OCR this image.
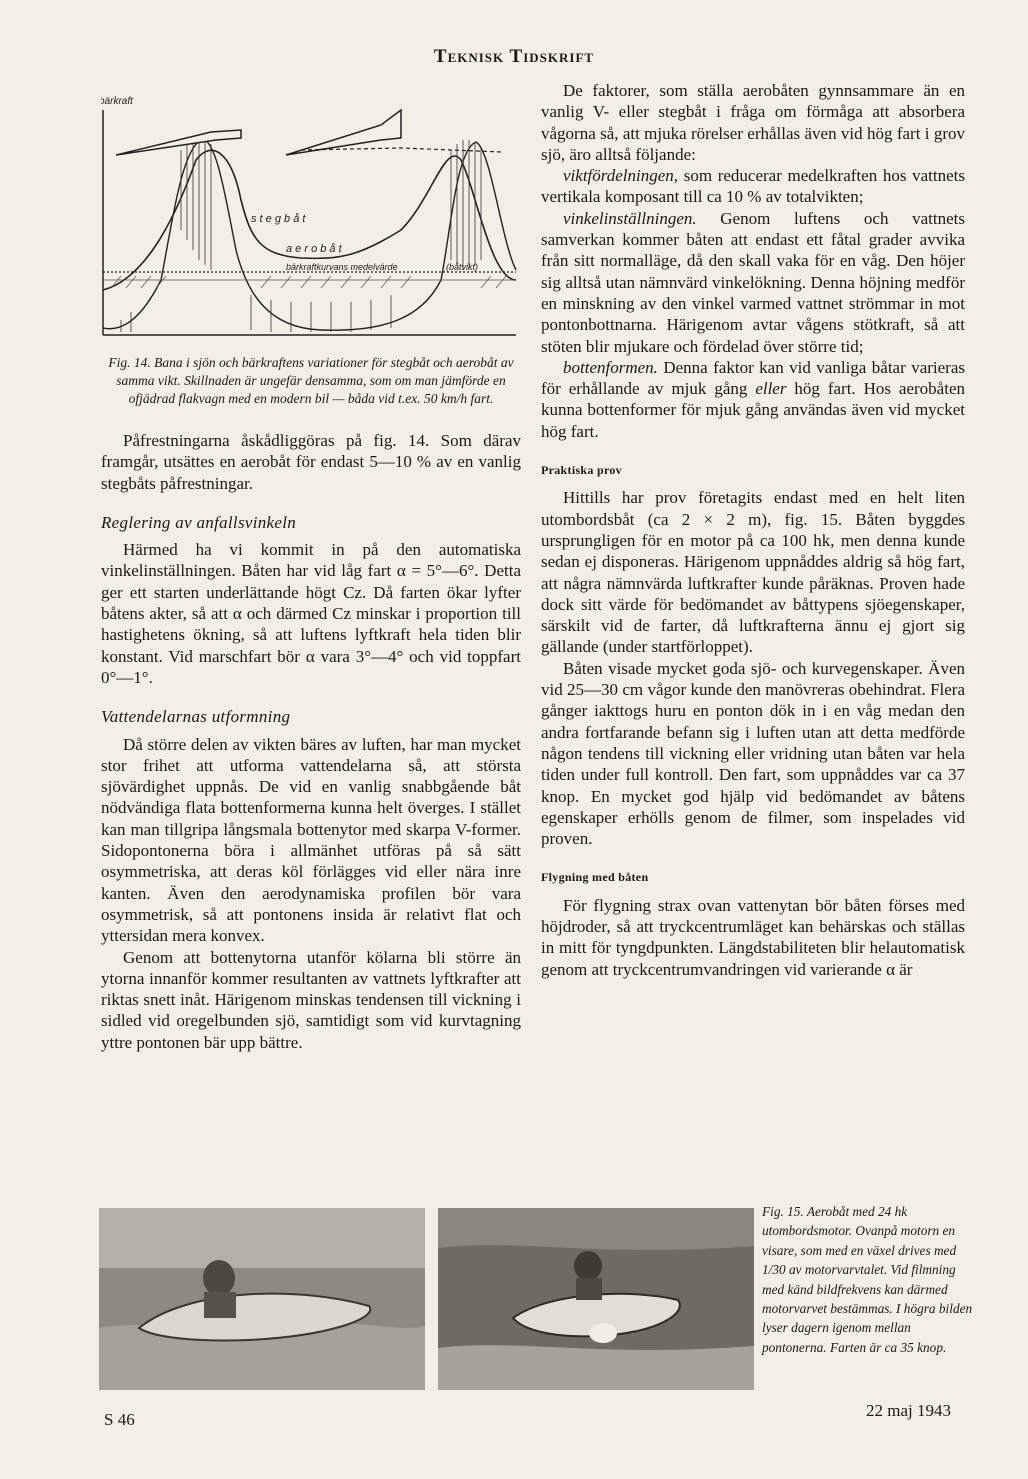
Teknisk Tidskrift
bärkraft
s t e g b å t
a e r o b å t
bärkraftkurvans medelvärde	(båtvikt)
Fig. 14. Bana i sjön och bärkraftens variationer för stegbåt och aerobåt av samma vikt. Skillnaden är ungefär densamma, som om man jämförde en ofjädrad flakvagn med en modern bil — båda vid t.ex. 50 km/h fart.

Påfrestningarna åskådliggöras på fig. 14. Som därav framgår, utsättes en aerobåt för endast 5—10 % av en vanlig stegbåts påfrestningar.

Reglering av anfallsvinkeln

Härmed ha vi kommit in på den automatiska vinkelinställningen. Båten har vid låg fart α = 5°—6°. Detta ger ett starten underlättande högt Cz. Då farten ökar lyfter båtens akter, så att α och därmed Cz minskar i proportion till hastighetens ökning, så att luftens lyftkraft hela tiden blir konstant. Vid marschfart bör α vara 3°—4° och vid toppfart 0°—1°.

Vattendelarnas utformning

Då större delen av vikten bäres av luften, har man mycket stor frihet att utforma vattendelarna så, att största sjövärdighet uppnås. De vid en vanlig snabbgående båt nödvändiga flata bottenformerna kunna helt överges. I stället kan man tillgripa långsmala bottenytor med skarpa V-former. Sidopontonerna böra i allmänhet utföras på så sätt osymmetriska, att deras köl förlägges vid eller nära inre kanten. Även den aerodynamiska profilen bör vara osymmetrisk, så att pontonens insida är relativt flat och yttersidan mera konvex.

Genom att bottenytorna utanför kölarna bli större än ytorna innanför kommer resultanten av vattnets lyftkrafter att riktas snett inåt. Härigenom minskas tendensen till vickning i sidled vid oregelbunden sjö, samtidigt som vid kurvtagning yttre pontonen bär upp bättre.

De faktorer, som ställa aerobåten gynnsammare än en vanlig V- eller stegbåt i fråga om förmåga att absorbera vågorna så, att mjuka rörelser erhållas även vid hög fart i grov sjö, äro alltså följande:

viktfördelningen, som reducerar medelkraften hos vattnets vertikala komposant till ca 10 % av totalvikten;

vinkelinställningen. Genom luftens och vattnets samverkan kommer båten att endast ett fåtal grader avvika från sitt normalläge, då den skall vaka för en våg. Den höjer sig alltså utan nämnvärd vinkelökning. Denna höjning medför en minskning av den vinkel varmed vattnet strömmar in mot pontonbottnarna. Härigenom avtar vågens stötkraft, så att stöten blir mjukare och fördelad över större tid;

bottenformen. Denna faktor kan vid vanliga båtar varieras för erhållande av mjuk gång eller hög fart. Hos aerobåten kunna bottenformer för mjuk gång användas även vid mycket hög fart.

Praktiska prov

Hittills har prov företagits endast med en helt liten utombordsbåt (ca 2 × 2 m), fig. 15. Båten byggdes ursprungligen för en motor på ca 100 hk, men denna kunde sedan ej disponeras. Härigenom uppnåddes aldrig så hög fart, att några nämnvärda luftkrafter kunde påräknas. Proven hade dock sitt värde för bedömandet av båttypens sjöegenskaper, särskilt vid de farter, då luftkrafterna ännu ej gjort sig gällande (under startförloppet).

Båten visade mycket goda sjö- och kurvegenskaper. Även vid 25—30 cm vågor kunde den manövreras obehindrat. Flera gånger iakttogs huru en ponton dök in i en våg medan den andra fortfarande befann sig i luften utan att detta medförde någon tendens till vickning eller vridning utan båten var hela tiden under full kontroll. Den fart, som uppnåddes var ca 37 knop. En mycket god hjälp vid bedömandet av båtens egenskaper erhölls genom de filmer, som inspelades vid proven.

Flygning med båten

För flygning strax ovan vattenytan bör båten förses med höjdroder, så att tryckcentrumläget kan behärskas och ställas in mitt för tyngdpunkten. Längdstabiliteten blir helautomatisk genom att tryckcentrumvandringen vid varierande α är

Fig. 15. Aerobåt med 24 hk utombordsmotor. Ovanpå motorn en visare, som med en växel drives med 1/30 av motorvarvtalet. Vid filmning med känd bildfrekvens kan därmed motorvarvet bestämmas. I högra bilden lyser dagern igenom mellan pontonerna. Farten är ca 35 knop.
S 46	22 maj 1943
